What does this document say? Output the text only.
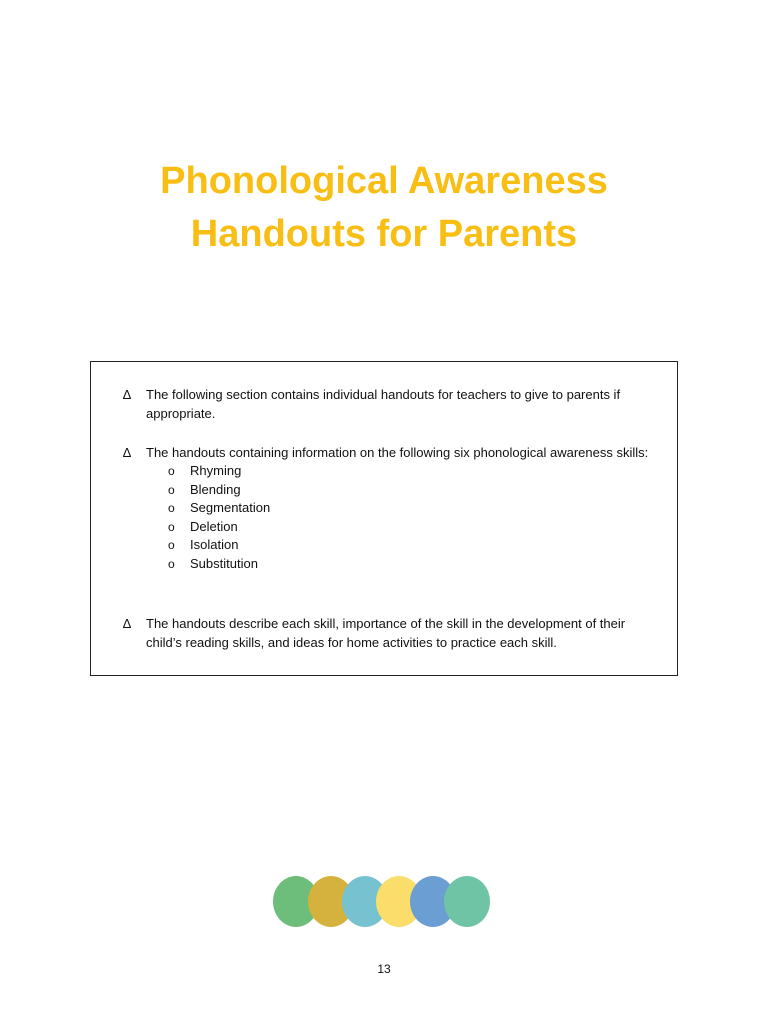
Phonological Awareness
Handouts for Parents
∆ The following section contains individual handouts for teachers to give to parents if appropriate.
∆ The handouts containing information on the following six phonological awareness skills:
o Rhyming
o Blending
o Segmentation
o Deletion
o Isolation
o Substitution
∆ The handouts describe each skill, importance of the skill in the development of their child’s reading skills, and ideas for home activities to practice each skill.
13
